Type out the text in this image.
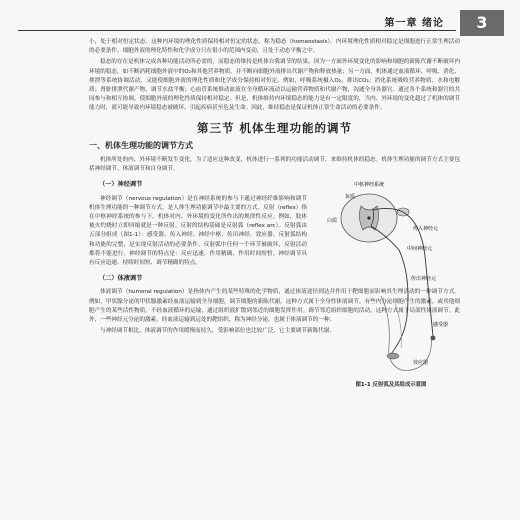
第一章 绪论	3

小，处于相对恒定状态。这种内环境的理化性质保持相对恒定的状态，称为稳态（homeostasis）。内环境理化性质相对稳定是细胞进行正常生理活动的必要条件。细胞外液的理化特性和化学成分只在很小的范围内变动，且处于动态平衡之中。

稳态的存在是机体完成各种功能活动所必需的，而稳态的维持是机体自我调节的结果。因为一方面外环境变化的影响和细胞的新陈代谢不断破坏内环境的稳态，如不断消耗细胞外液中的O₂和其他营养物质，并不断向细胞外液排出代谢产物和释放热量；另一方面，机体通过血液循环、呼吸、消化、排泄等系统协调活动，又能使细胞外液的理化性质和化学成分保持相对恒定。例如，呼吸系统摄入O₂，排出CO₂；消化系统吸收营养物质、水和电解质；肾脏排泄代谢产物，调节水盐平衡；心血管系统推动血液在全身循环流动以运输营养物质和代谢产物，沟通全身各器官。通过各个系统和器官的共同参与和相互协调，使细胞外液的理化性质保持相对稳定。但是，机体维持内环境稳态的能力是有一定限度的，当内、外环境的变化超过了机体的调节能力时，就可能导致内环境稳态被破坏，引起疾病甚至危及生命。因此，维持稳态是保证机体正常生命活动的必要条件。

第三节 机体生理功能的调节
一、机体生理功能的调节方式

机体所处的内、外环境不断发生变化，为了适应这种改变，机体进行一系列的功能活动调节，来维持机体的稳态。机体生理功能的调节方式主要包括神经调节、体液调节和自身调节。

（一）神经调节

神经调节（nervous regulation）是在神经系统的参与下通过神经纤维影响和调节机体生理功能的一种调节方式，是人体生理功能调节中最主要的方式。反射（reflex）指在中枢神经系统的参与下，机体对内、外环境的变化所作出的规律性反应。例如，肢体被火灼烧时立即回缩就是一种反射。反射的结构基础是反射弧（reflex arc）。反射弧由五部分组成（图1-1）：感受器、传入神经、神经中枢、传出神经、效应器。反射弧结构和功能的完整，是实现反射活动的必要条件，反射弧中任何一个环节被破坏，反射活动都将不能进行。神经调节的特点是：反应迅速、作用精确、作用时间短暂。神经调节具有反应迅速、持续时间短、调节精确的特点。

中枢神经系统
灰质
白质
传入神经元
中间神经元
传出神经元
感受器
效应器
图1-1 反射弧及其组成示意图
（二）体液调节

体液调节（humoral regulation）是指体内产生的某些特殊的化学物质，通过体液途径到达并作用于靶细胞而影响其生理活动的一种调节方式。例如，甲状腺分泌的甲状腺激素经血液运输到全身细胞，调节细胞的新陈代谢。这种方式属于全身性体液调节。有些内分泌细胞产生的激素，或其他细胞产生的某些活性物质，不经血液循环的运输，通过组织液扩散到邻近的细胞发挥作用。调节邻近组织细胞的活动，这种方式属于局部性体液调节。此外，一些神经元分泌的激素，经血液运输到远处的靶组织，称为神经分泌，也属于体液调节的一种。

与神经调节相比，体液调节的作用缓慢而持久，受影响部位也比较广泛，它主要调节新陈代谢、
